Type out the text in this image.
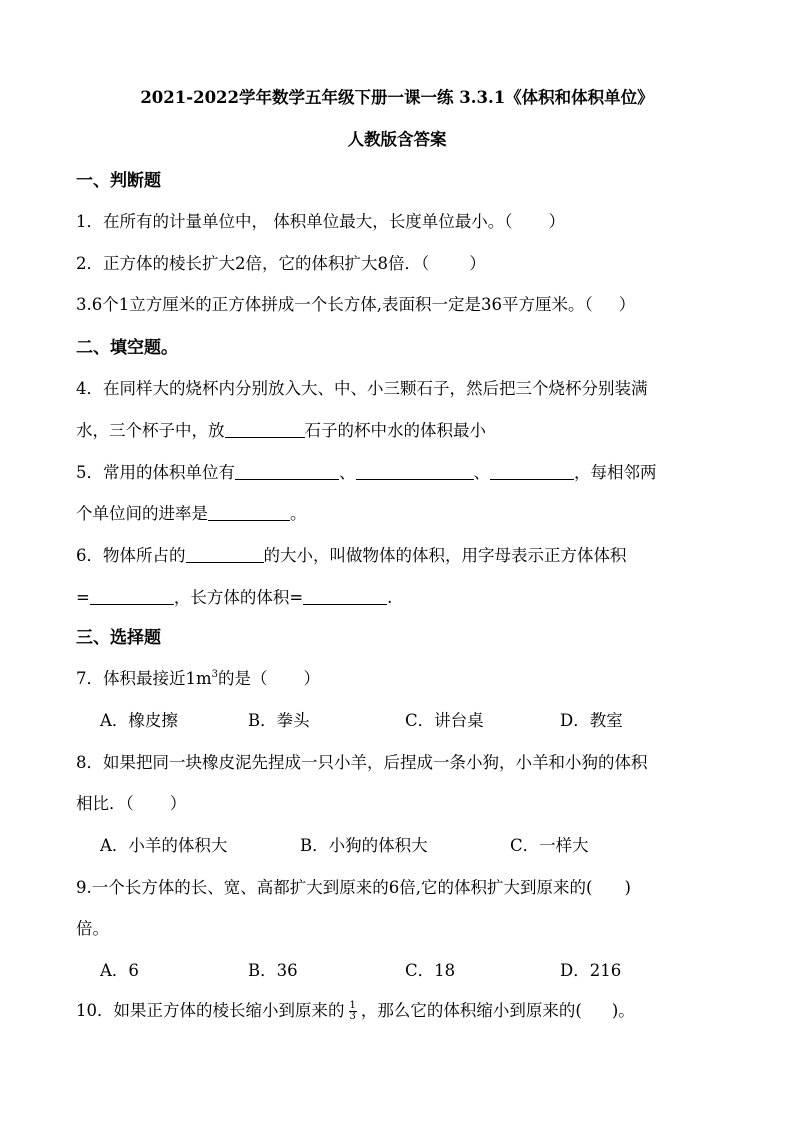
2021-2022学年数学五年级下册一课一练 3.3.1《体积和体积单位》
人教版含答案
一、判断题
1．在所有的计量单位中， 体积单位最大，长度单位最小。（ ）
2．正方体的棱长扩大2倍，它的体积扩大8倍．（ ）
3.6个1立方厘米的正方体拼成一个长方体,表面积一定是36平方厘米。（ ）
二、填空题。
4．在同样大的烧杯内分别放入大、中、小三颗石子，然后把三个烧杯分别装满
水，三个杯子中，放	石子的杯中水的体积最小
5．常用的体积单位有	、	、	，每相邻两
个单位间的进率是	。
6．物体所占的	的大小，叫做物体的体积，用字母表示正方体体积
=	，长方体的体积=	.
三、选择题
7．体积最接近$1m^3$的是（ ）
A．橡皮擦	B．拳头	C．讲台桌	D．教室
8．如果把同一块橡皮泥先捏成一只小羊，后捏成一条小狗，小羊和小狗的体积
相比．（ ）
A．小羊的体积大	B．小狗的体积大	C．一样大
9.一个长方体的长、宽、高都扩大到原来的6倍,它的体积扩大到原来的( )
倍。
A．6	B．36	C．18	D．216
10．如果正方体的棱长缩小到原来的 $\frac{1}{3}$ ，那么它的体积缩小到原来的( )。
